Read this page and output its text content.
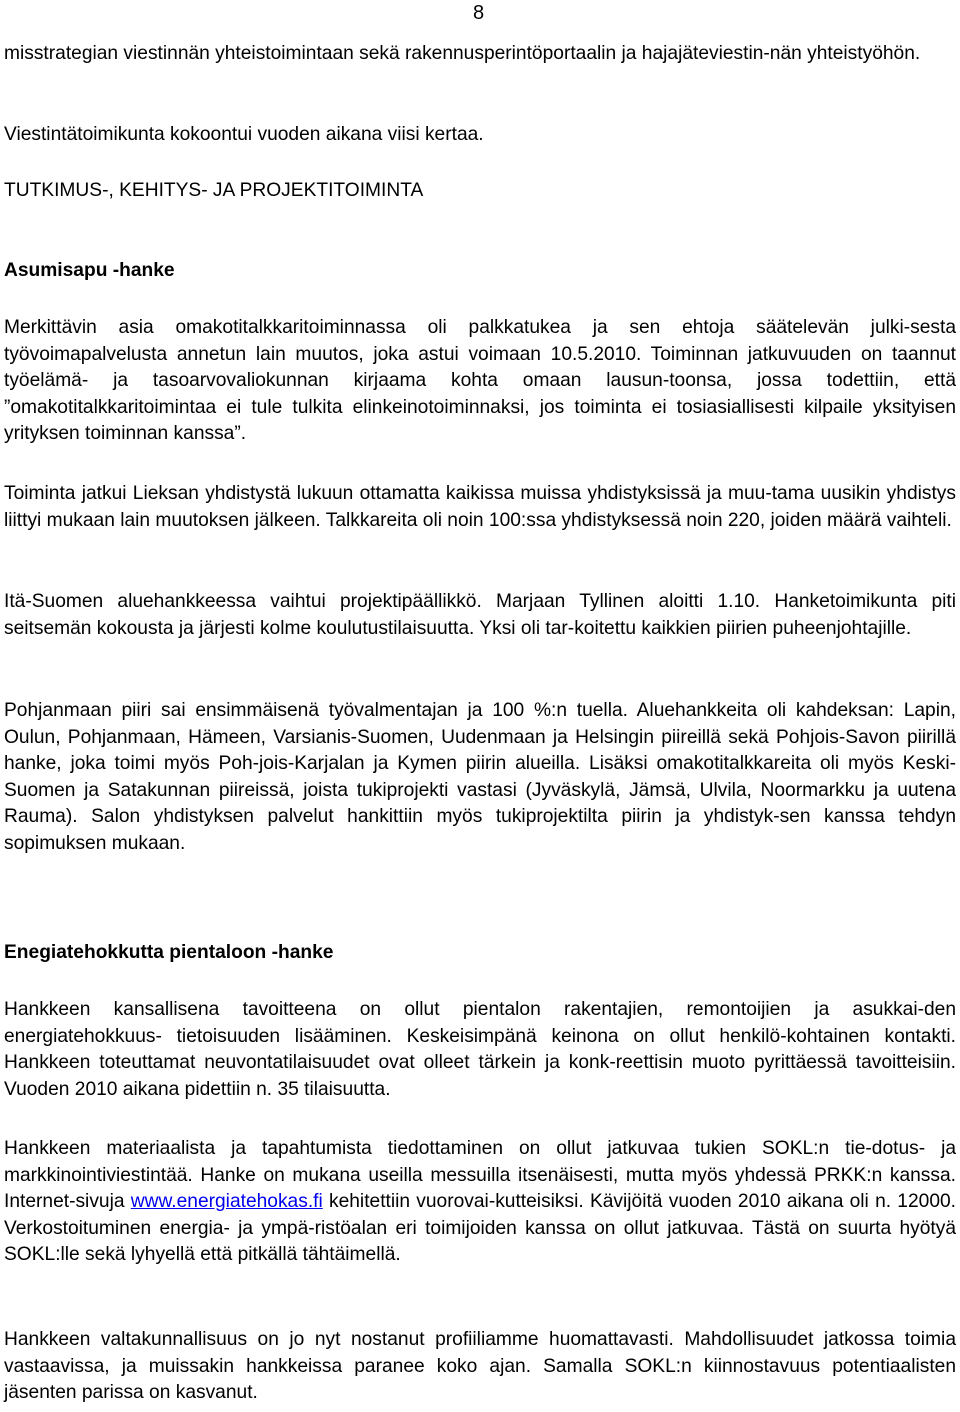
8

misstrategian viestinnän yhteistoimintaan sekä rakennusperintöportaalin ja hajajäteviestin-nän yhteistyöhön.

Viestintätoimikunta kokoontui vuoden aikana viisi kertaa.

TUTKIMUS-, KEHITYS- JA PROJEKTITOIMINTA

Asumisapu -hanke

Merkittävin asia omakotitalkkaritoiminnassa oli palkkatukea ja sen ehtoja säätelevän julki-sesta työvoimapalvelusta annetun lain muutos, joka astui voimaan 10.5.2010. Toiminnan jatkuvuuden on taannut työelämä- ja tasoarvovaliokunnan kirjaama kohta omaan lausun-toonsa, jossa todettiin, että ”omakotitalkkaritoimintaa ei tule tulkita elinkeinotoiminnaksi, jos toiminta ei tosiasiallisesti kilpaile yksityisen yrityksen toiminnan kanssa”.

Toiminta jatkui Lieksan yhdistystä lukuun ottamatta kaikissa muissa yhdistyksissä ja muu-tama uusikin yhdistys liittyi mukaan lain muutoksen jälkeen. Talkkareita oli noin 100:ssa yhdistyksessä noin 220, joiden määrä vaihteli.

Itä-Suomen aluehankkeessa vaihtui projektipäällikkö. Marjaan Tyllinen aloitti 1.10. Hanketoimikunta piti seitsemän kokousta ja järjesti kolme koulutustilaisuutta. Yksi oli tar-koitettu kaikkien piirien puheenjohtajille.

Pohjanmaan piiri sai ensimmäisenä työvalmentajan ja 100 %:n tuella. Aluehankkeita oli kahdeksan: Lapin, Oulun, Pohjanmaan, Hämeen, Varsianis-Suomen, Uudenmaan ja Helsingin piireillä sekä Pohjois-Savon piirillä hanke, joka toimi myös Poh-jois-Karjalan ja Kymen piirin alueilla. Lisäksi omakotitalkkareita oli myös Keski-Suomen ja Satakunnan piireissä, joista tukiprojekti vastasi (Jyväskylä, Jämsä, Ulvila, Noormarkku ja uutena Rauma). Salon yhdistyksen palvelut hankittiin myös tukiprojektilta piirin ja yhdistyk-sen kanssa tehdyn sopimuksen mukaan.

Enegiatehokkutta pientaloon -hanke

Hankkeen kansallisena tavoitteena on ollut pientalon rakentajien, remontoijien ja asukkai-den energiatehokkuus- tietoisuuden lisääminen. Keskeisimpänä keinona on ollut henkilö-kohtainen kontakti. Hankkeen toteuttamat neuvontatilaisuudet ovat olleet tärkein ja konk-reettisin muoto pyrittäessä tavoitteisiin. Vuoden 2010 aikana pidettiin n. 35 tilaisuutta.

Hankkeen materiaalista ja tapahtumista tiedottaminen on ollut jatkuvaa tukien SOKL:n tie-dotus- ja markkinointiviestintää. Hanke on mukana useilla messuilla itsenäisesti, mutta myös yhdessä PRKK:n kanssa. Internet-sivuja www.energiatehokas.fi kehitettiin vuorovai-kutteisiksi. Kävijöitä vuoden 2010 aikana oli n. 12000. Verkostoituminen energia- ja ympä-ristöalan eri toimijoiden kanssa on ollut jatkuvaa. Tästä on suurta hyötyä SOKL:lle sekä lyhyellä että pitkällä tähtäimellä.

Hankkeen valtakunnallisuus on jo nyt nostanut profiiliamme huomattavasti. Mahdollisuudet jatkossa toimia vastaavissa, ja muissakin hankkeissa paranee koko ajan. Samalla SOKL:n kiinnostavuus potentiaalisten jäsenten parissa on kasvanut.
